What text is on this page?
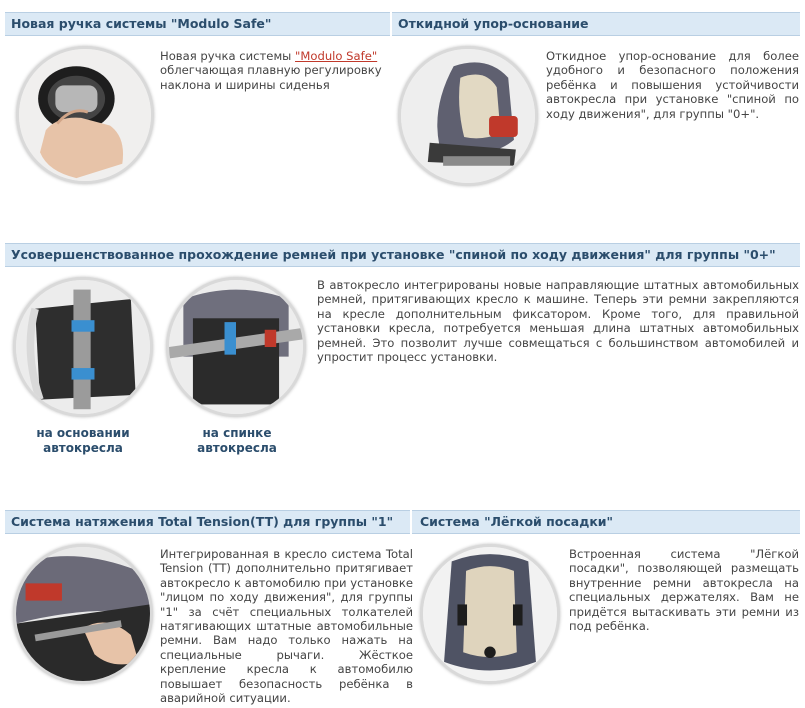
Новая ручка системы "Modulo Safe"	Откидной упор-основание
Новая ручка системы "Modulo Safe" облегчающая плавную регулировку наклона и ширины сиденья
Откидное упор-основание для более удобного и безопасного положения ребёнка и повышения устойчивости автокресла при установке "спиной по ходу движения", для группы "0+".
Усовершенствованное прохождение ремней при установке "спиной по ходу движения" для группы "0+"
на основании автокресла
на спинке автокресла
В автокресло интегрированы новые направляющие штатных автомобильных ремней, притягивающих кресло к машине. Теперь эти ремни закрепляются на кресле дополнительным фиксатором. Кроме того, для правильной установки кресла, потребуется меньшая длина штатных автомобильных ремней. Это позволит лучше совмещаться с большинством автомобилей и упростит процесс установки.
Система натяжения Total Tension(TT) для группы "1" Система "Лёгкой посадки"
Интегрированная в кресло система Total Tension (TT) дополнительно притягивает автокресло к автомобилю при установке "лицом по ходу движения", для группы "1" за счёт специальных толкателей натягивающих штатные автомобильные ремни. Вам надо только нажать на специальные рычаги. Жёсткое крепление кресла к автомобилю повышает безопасность ребёнка в аварийной ситуации.
Встроенная система "Лёгкой посадки", позволяющей размещать внутренние ремни автокресла на специальных держателях. Вам не придётся вытаскивать эти ремни из под ребёнка.
